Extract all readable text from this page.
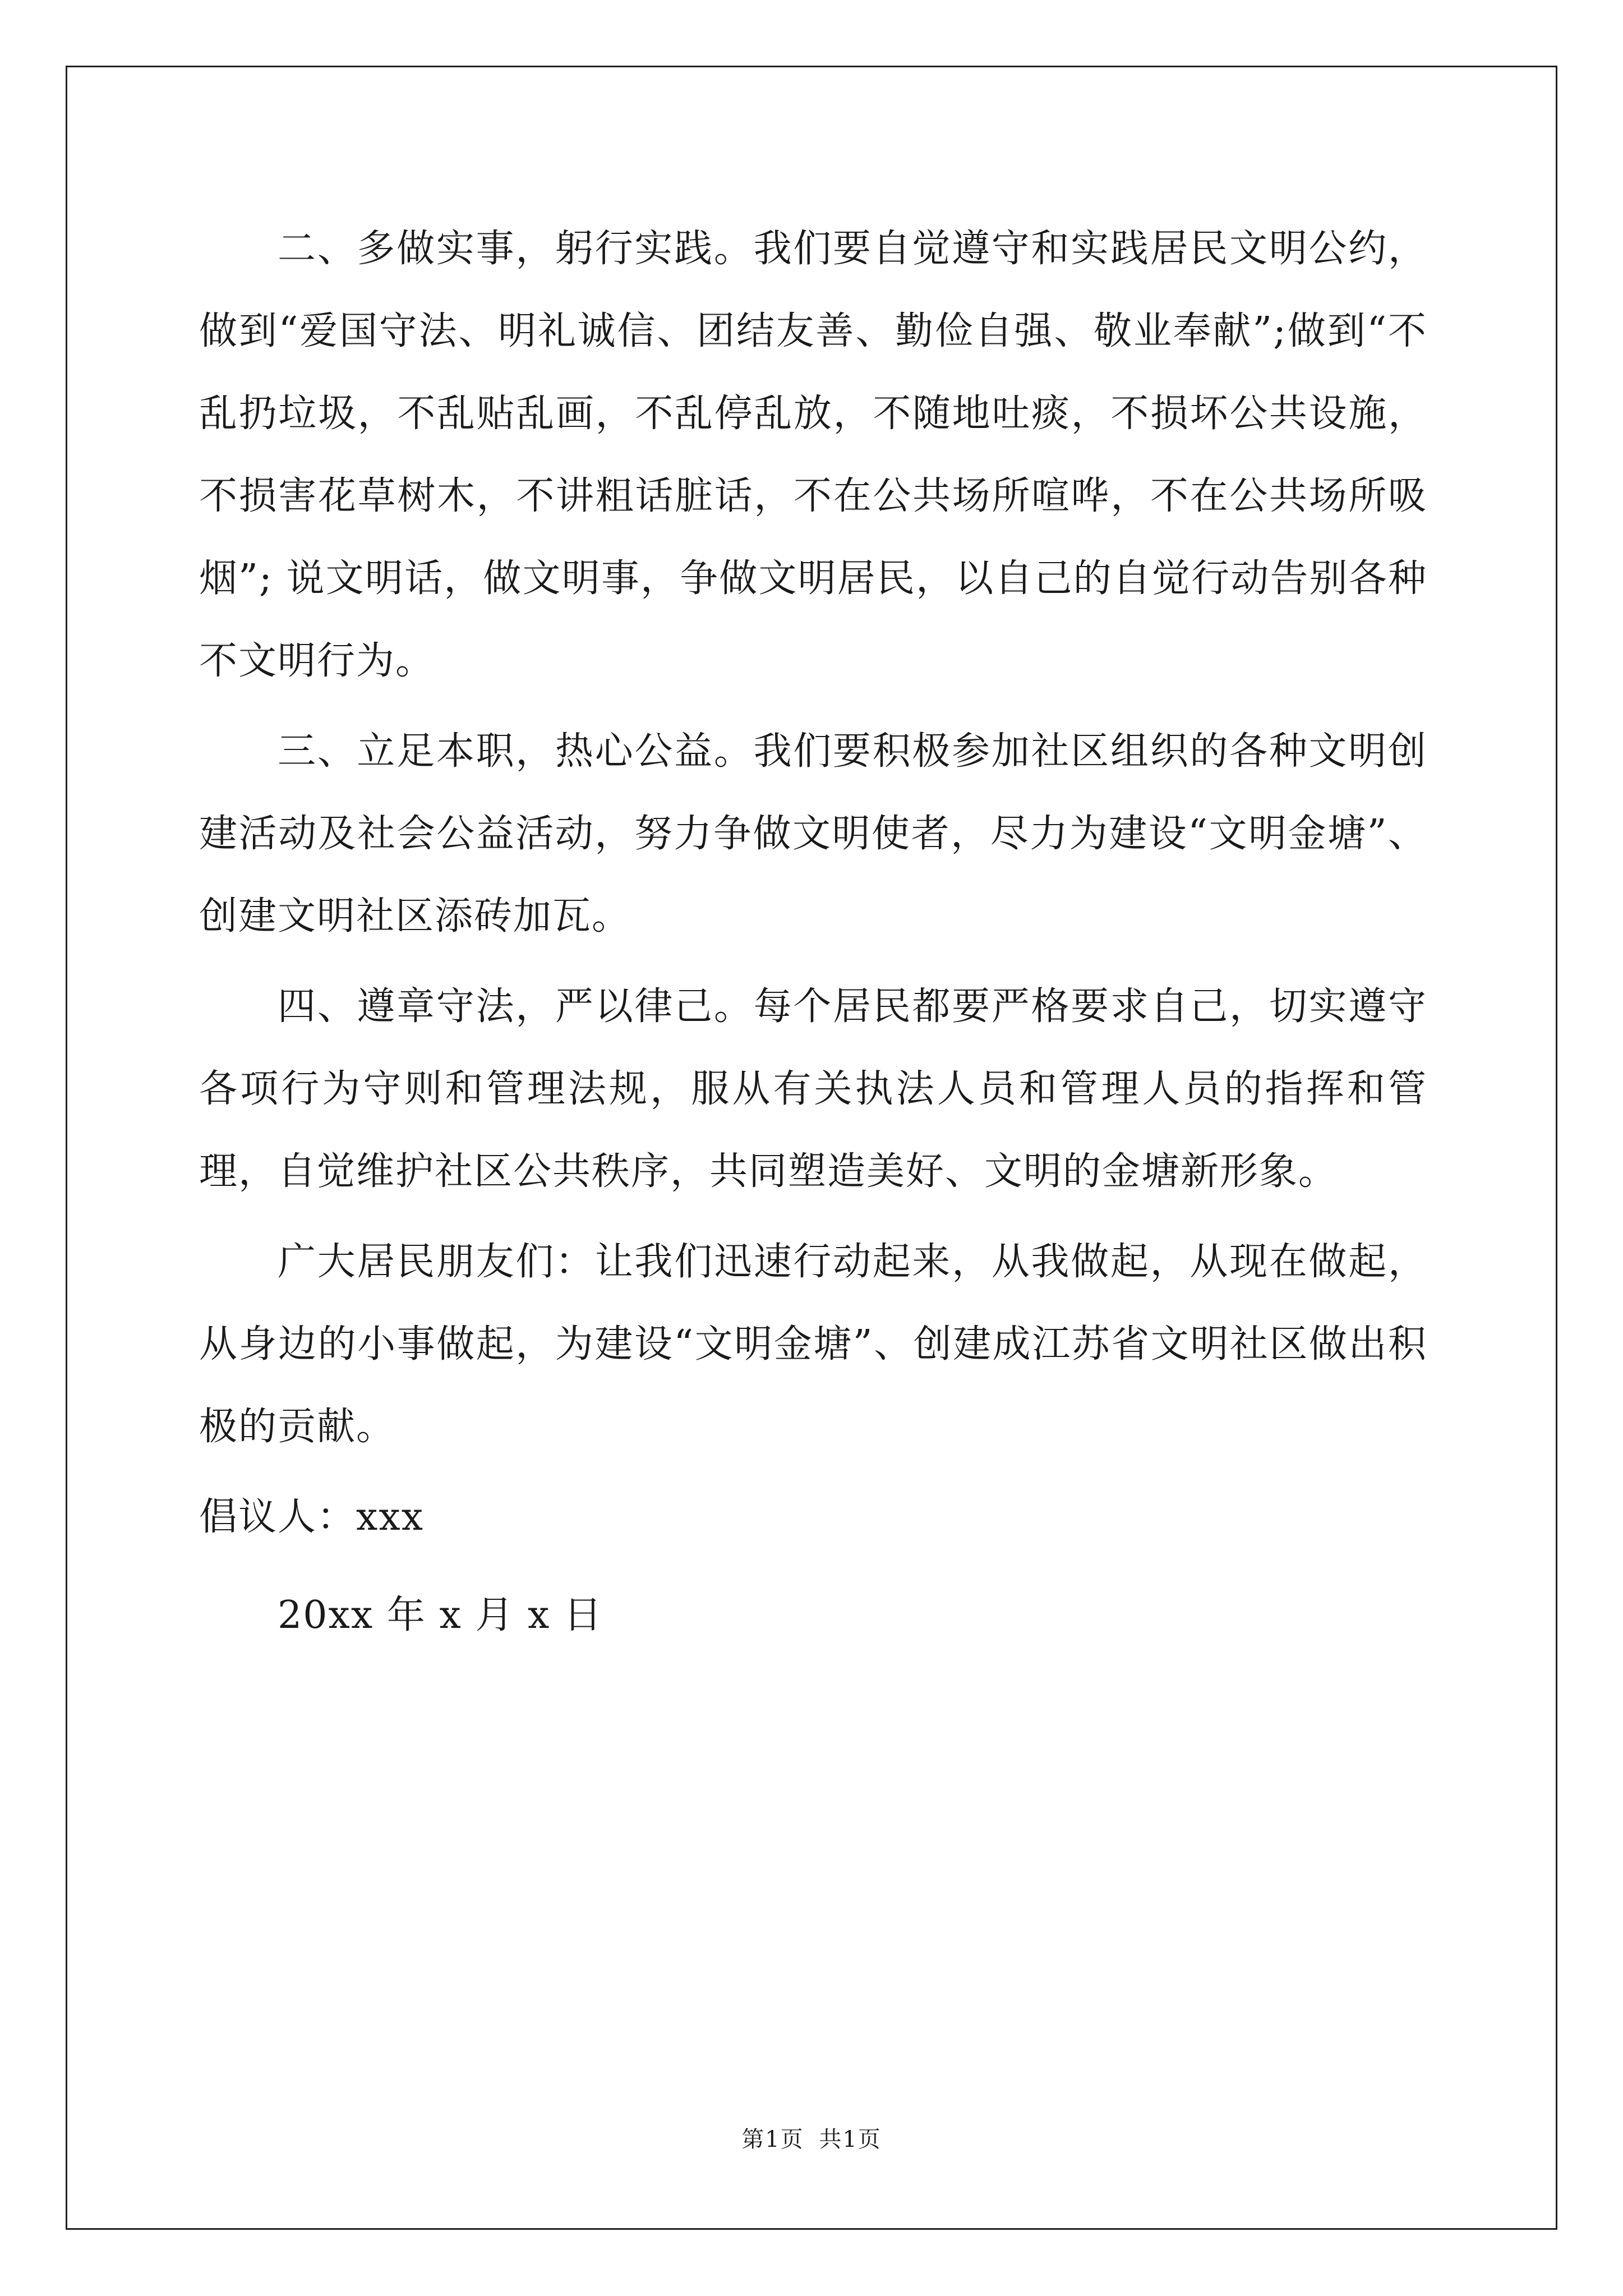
二、多做实事，躬行实践。我们要自觉遵守和实践居民文明公约，做到“爱国守法、明礼诚信、团结友善、勤俭自强、敬业奉献”;做到“不乱扔垃圾，不乱贴乱画，不乱停乱放，不随地吐痰，不损坏公共设施，不损害花草树木，不讲粗话脏话，不在公共场所喧哗，不在公共场所吸烟”; 说文明话，做文明事，争做文明居民，以自己的自觉行动告别各种不文明行为。

三、立足本职，热心公益。我们要积极参加社区组织的各种文明创建活动及社会公益活动，努力争做文明使者，尽力为建设“文明金塘”、创建文明社区添砖加瓦。

四、遵章守法，严以律己。每个居民都要严格要求自己，切实遵守各项行为守则和管理法规，服从有关执法人员和管理人员的指挥和管理，自觉维护社区公共秩序，共同塑造美好、文明的金塘新形象。

广大居民朋友们：让我们迅速行动起来，从我做起，从现在做起，从身边的小事做起，为建设“文明金塘”、创建成江苏省文明社区做出积极的贡献。

倡议人：xxx

20xx 年 x 月 x 日

第1页 共1页
